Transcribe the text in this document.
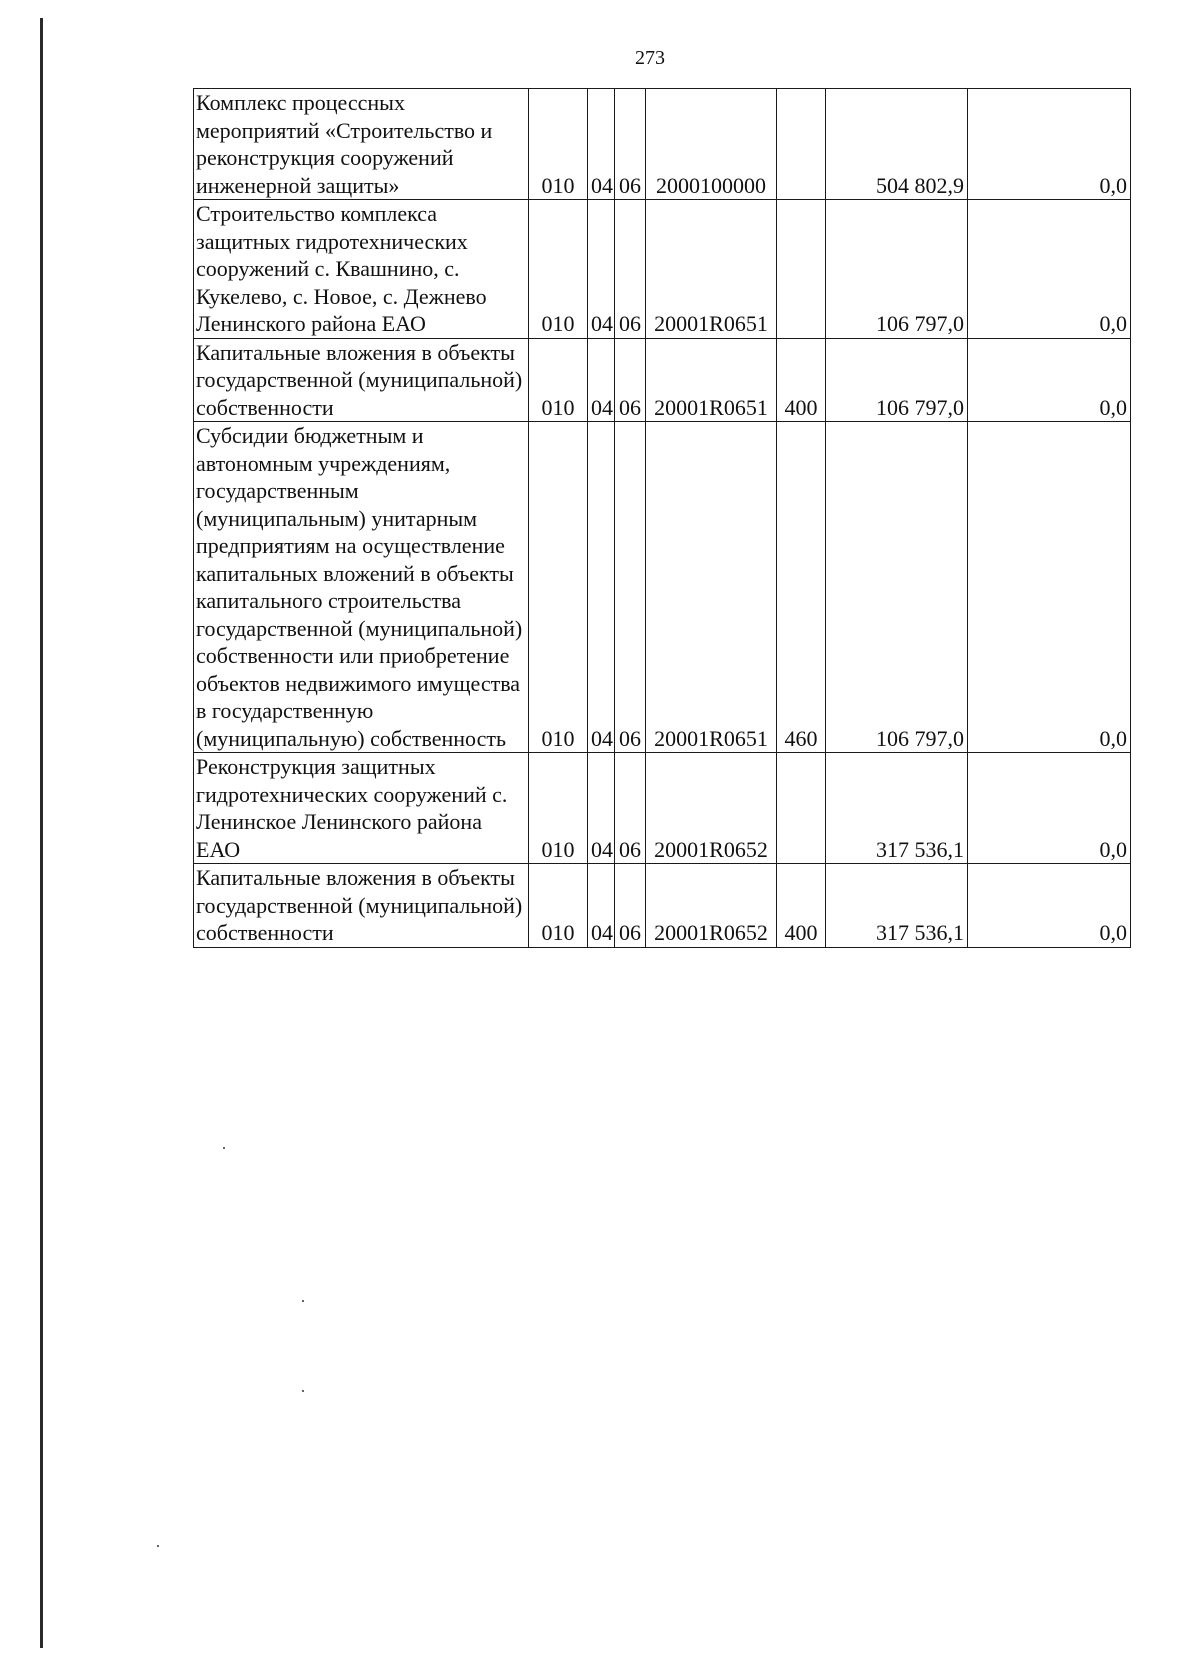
273
Комплекс процессных мероприятий «Строительство и реконструкция сооружений инженерной защиты»	010	04	06	2000100000		504 802,9	0,0
Строительство комплекса защитных гидротехнических сооружений с. Квашнино, с. Кукелево, с. Новое, с. Дежнево Ленинского района ЕАО	010	04	06	20001R0651		106 797,0	0,0
Капитальные вложения в объекты государственной (муниципальной) собственности	010	04	06	20001R0651	400	106 797,0	0,0
Субсидии бюджетным и автономным учреждениям, государственным (муниципальным) унитарным предприятиям на осуществление капитальных вложений в объекты капитального строительства государственной (муниципальной) собственности или приобретение объектов недвижимого имущества в государственную (муниципальную) собственность	010	04	06	20001R0651	460	106 797,0	0,0
Реконструкция защитных гидротехнических сооружений с. Ленинское Ленинского района ЕАО	010	04	06	20001R0652		317 536,1	0,0
Капитальные вложения в объекты государственной (муниципальной) собственности	010	04	06	20001R0652	400	317 536,1	0,0
